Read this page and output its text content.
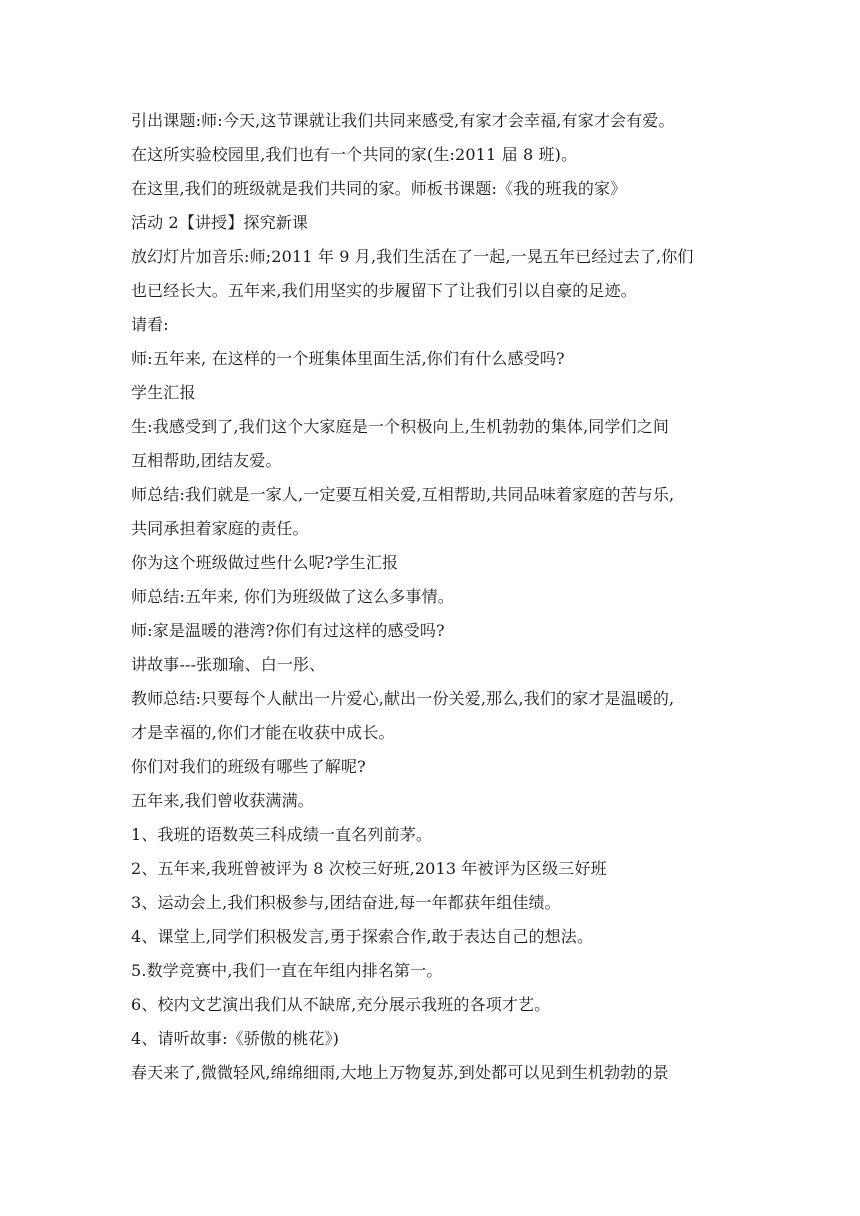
引出课题:师:今天,这节课就让我们共同来感受,有家才会幸福,有家才会有爱。
在这所实验校园里,我们也有一个共同的家(生:2011 届 8 班)。
在这里,我们的班级就是我们共同的家。师板书课题:《我的班我的家》
活动 2【讲授】探究新课
放幻灯片加音乐:师;2011 年 9 月,我们生活在了一起,一晃五年已经过去了,你们
也已经长大。五年来,我们用坚实的步履留下了让我们引以自豪的足迹。
请看:
师:五年来, 在这样的一个班集体里面生活,你们有什么感受吗?
学生汇报
生:我感受到了,我们这个大家庭是一个积极向上,生机勃勃的集体,同学们之间
互相帮助,团结友爱。
师总结:我们就是一家人,一定要互相关爱,互相帮助,共同品味着家庭的苦与乐,
共同承担着家庭的责任。
你为这个班级做过些什么呢?学生汇报
师总结:五年来, 你们为班级做了这么多事情。
师:家是温暖的港湾?你们有过这样的感受吗?
讲故事---张珈瑜、白一彤、
教师总结:只要每个人献出一片爱心,献出一份关爱,那么,我们的家才是温暖的,
才是幸福的,你们才能在收获中成长。
你们对我们的班级有哪些了解呢?
五年来,我们曾收获满满。
1、我班的语数英三科成绩一直名列前茅。
2、五年来,我班曾被评为 8 次校三好班,2013 年被评为区级三好班
3、运动会上,我们积极参与,团结奋进,每一年都获年组佳绩。
4、课堂上,同学们积极发言,勇于探索合作,敢于表达自己的想法。
5.数学竞赛中,我们一直在年组内排名第一。
6、校内文艺演出我们从不缺席,充分展示我班的各项才艺。
4、请听故事:《骄傲的桃花》)
春天来了,微微轻风,绵绵细雨,大地上万物复苏,到处都可以见到生机勃勃的景
